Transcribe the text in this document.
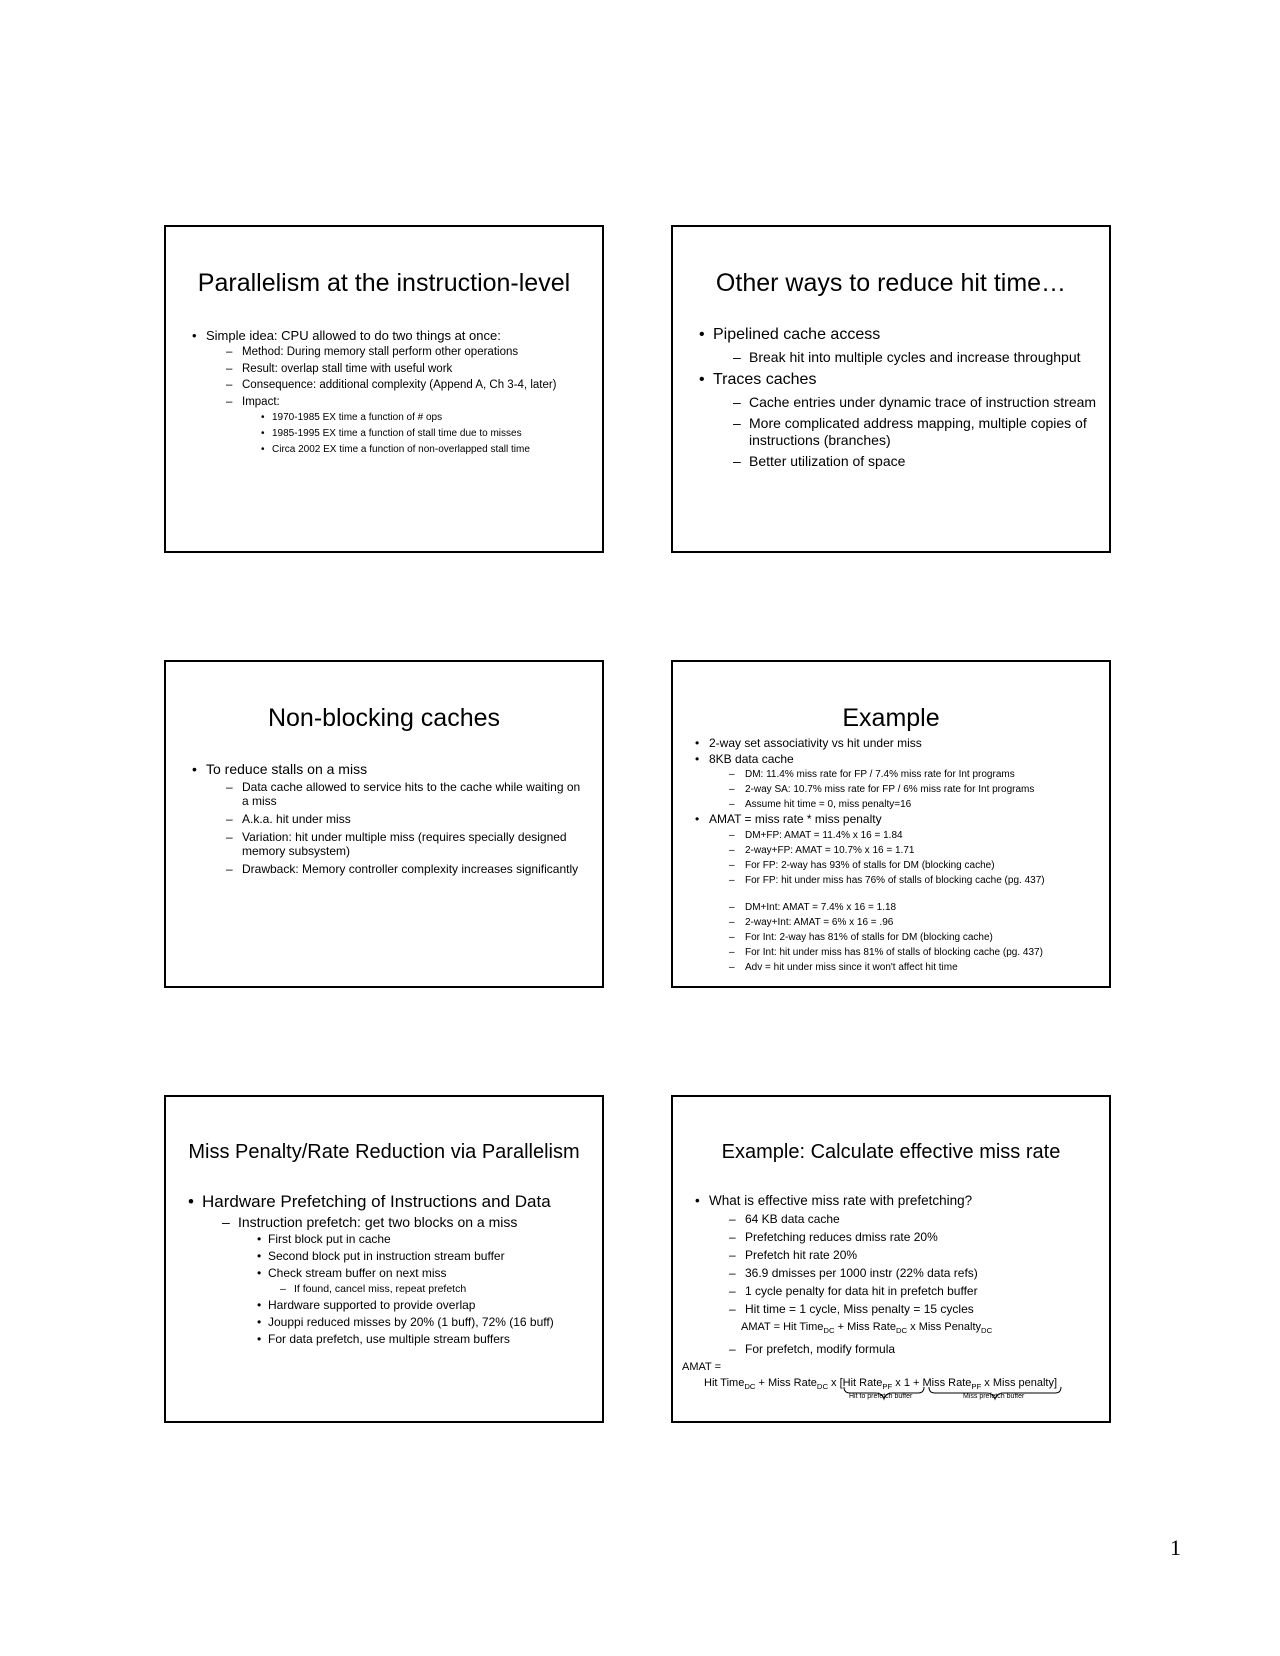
Parallelism at the instruction-level
• Simple idea: CPU allowed to do two things at once:
– Method: During memory stall perform other operations
– Result: overlap stall time with useful work
– Consequence: additional complexity (Append A, Ch 3-4, later)
– Impact:
• 1970-1985 EX time a function of # ops
• 1985-1995 EX time a function of stall time due to misses
• Circa 2002 EX time a function of non-overlapped stall time
Other ways to reduce hit time…
• Pipelined cache access
– Break hit into multiple cycles and increase throughput
• Traces caches
– Cache entries under dynamic trace of instruction stream
– More complicated address mapping, multiple copies of instructions (branches)
– Better utilization of space
Non-blocking caches
• To reduce stalls on a miss
– Data cache allowed to service hits to the cache while waiting on a miss
– A.k.a. hit under miss
– Variation: hit under multiple miss (requires specially designed memory subsystem)
– Drawback: Memory controller complexity increases significantly
Example
• 2-way set associativity vs hit under miss
• 8KB data cache
– DM: 11.4% miss rate for FP / 7.4% miss rate for Int programs
– 2-way SA: 10.7% miss rate for FP / 6% miss rate for Int programs
– Assume hit time = 0, miss penalty=16
• AMAT = miss rate * miss penalty
– DM+FP: AMAT = 11.4% x 16 = 1.84
– 2-way+FP: AMAT = 10.7% x 16 = 1.71
– For FP: 2-way has 93% of stalls for DM (blocking cache)
– For FP: hit under miss has 76% of stalls of blocking cache (pg. 437)
– DM+Int: AMAT = 7.4% x 16 = 1.18
– 2-way+Int: AMAT = 6% x 16 = .96
– For Int: 2-way has 81% of stalls for DM (blocking cache)
– For Int: hit under miss has 81% of stalls of blocking cache (pg. 437)
– Adv = hit under miss since it won't affect hit time
Miss Penalty/Rate Reduction via Parallelism
• Hardware Prefetching of Instructions and Data
– Instruction prefetch: get two blocks on a miss
• First block put in cache
• Second block put in instruction stream buffer
• Check stream buffer on next miss
– If found, cancel miss, repeat prefetch
• Hardware supported to provide overlap
• Jouppi reduced misses by 20% (1 buff), 72% (16 buff)
• For data prefetch, use multiple stream buffers
Example: Calculate effective miss rate
• What is effective miss rate with prefetching?
– 64 KB data cache
– Prefetching reduces dmiss rate 20%
– Prefetch hit rate 20%
– 36.9 dmisses per 1000 instr (22% data refs)
– 1 cycle penalty for data hit in prefetch buffer
– Hit time = 1 cycle, Miss penalty = 15 cycles
AMAT = Hit Time$_{DC}$ + Miss Rate$_{DC}$ x Miss Penalty$_{DC}$
– For prefetch, modify formula
AMAT =
Hit Time$_{DC}$ + Miss Rate$_{DC}$ x [Hit Rate$_{PF}$ x 1 + Miss Rate$_{PF}$ x Miss penalty]
Hit to prefetch buffer	Miss prefetch buffer
1
